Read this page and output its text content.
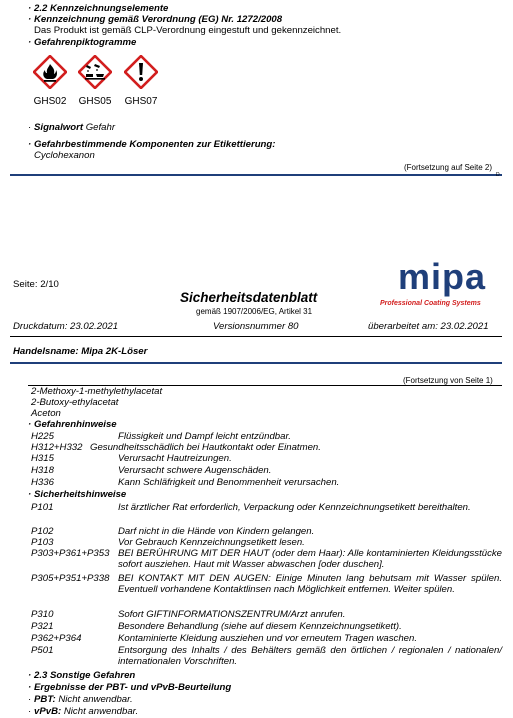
· 2.2 Kennzeichnungselemente
· Kennzeichnung gemäß Verordnung (EG) Nr. 1272/2008
Das Produkt ist gemäß CLP-Verordnung eingestuft und gekennzeichnet.
· Gefahrenpiktogramme
GHS02	GHS05	GHS07
· Signalwort Gefahr
· Gefahrbestimmende Komponenten zur Etikettierung:
Cyclohexanon
(Fortsetzung auf Seite 2)
D
Seite: 2/10
Sicherheitsdatenblatt
gemäß 1907/2006/EG, Artikel 31
mipa
Professional Coating Systems
Druckdatum: 23.02.2021	Versionsnummer 80	überarbeitet am: 23.02.2021
Handelsname: Mipa 2K-Löser
(Fortsetzung von Seite 1)
2-Methoxy-1-methylethylacetat
2-Butoxy-ethylacetat
Aceton
· Gefahrenhinweise
H225	Flüssigkeit und Dampf leicht entzündbar.
H312+H332 Gesundheitsschädlich bei Hautkontakt oder Einatmen.
H315	Verursacht Hautreizungen.
H318	Verursacht schwere Augenschäden.
H336	Kann Schläfrigkeit und Benommenheit verursachen.
· Sicherheitshinweise
P101	Ist ärztlicher Rat erforderlich, Verpackung oder Kennzeichnungsetikett bereithalten.
P102	Darf nicht in die Hände von Kindern gelangen.
P103	Vor Gebrauch Kennzeichnungsetikett lesen.
P303+P361+P353 BEI BERÜHRUNG MIT DER HAUT (oder dem Haar): Alle kontaminierten Kleidungsstücke sofort ausziehen. Haut mit Wasser abwaschen [oder duschen].
P305+P351+P338 BEI KONTAKT MIT DEN AUGEN: Einige Minuten lang behutsam mit Wasser spülen. Eventuell vorhandene Kontaktlinsen nach Möglichkeit entfernen. Weiter spülen.
P310	Sofort GIFTINFORMATIONSZENTRUM/Arzt anrufen.
P321	Besondere Behandlung (siehe auf diesem Kennzeichnungsetikett).
P362+P364	Kontaminierte Kleidung ausziehen und vor erneutem Tragen waschen.
P501	Entsorgung des Inhalts / des Behälters gemäß den örtlichen / regionalen / nationalen/ internationalen Vorschriften.
· 2.3 Sonstige Gefahren
· Ergebnisse der PBT- und vPvB-Beurteilung
· PBT: Nicht anwendbar.
· vPvB: Nicht anwendbar.
